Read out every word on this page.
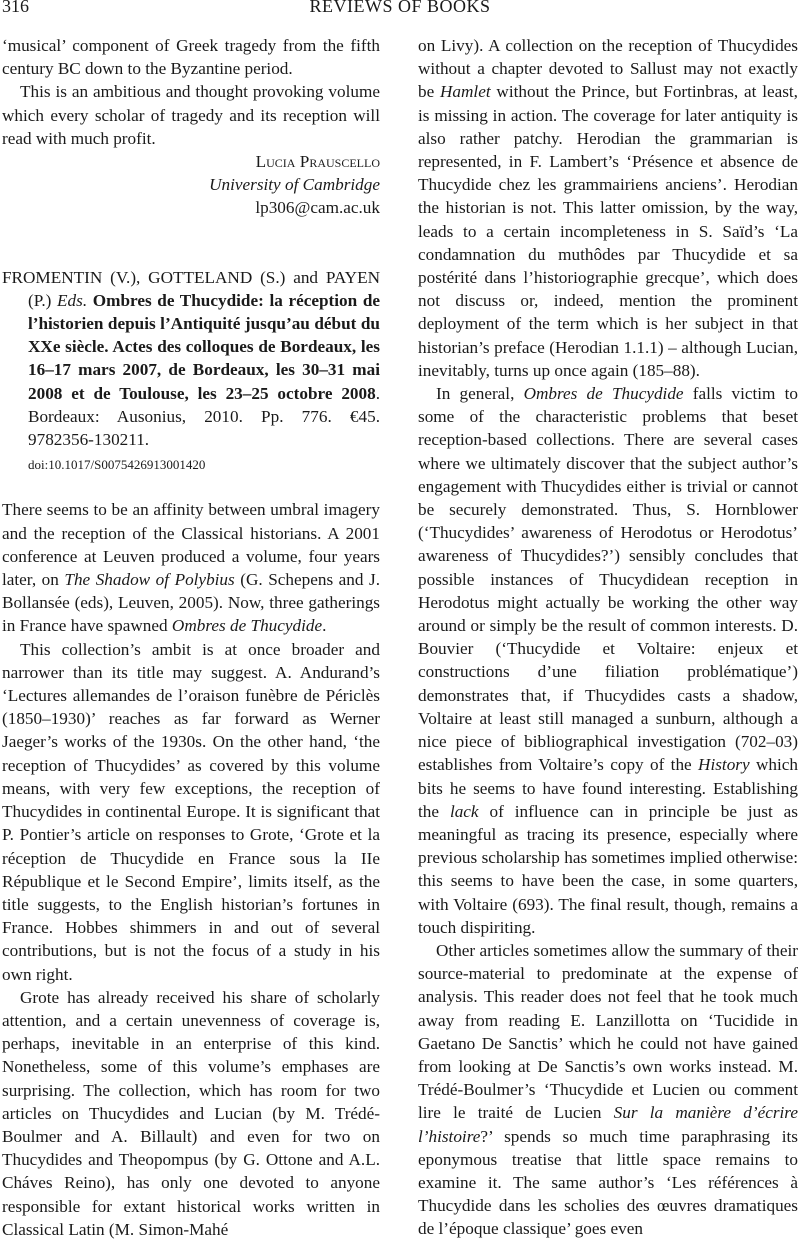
316	REVIEWS OF BOOKS

‘musical’ component of Greek tragedy from the fifth century BC down to the Byzantine period.

This is an ambitious and thought provoking volume which every scholar of tragedy and its reception will read with much profit.

Lucia Prauscello

University of Cambridge

lp306@cam.ac.uk

FROMENTIN (V.), GOTTELAND (S.) and PAYEN (P.) Eds. Ombres de Thucydide: la réception de l’historien depuis l’Antiquité jusqu’au début du XXe siècle. Actes des colloques de Bordeaux, les 16–17 mars 2007, de Bordeaux, les 30–31 mai 2008 et de Toulouse, les 23–25 octobre 2008. Bordeaux: Ausonius, 2010. Pp. 776. €45. 9782356-130211.

doi:10.1017/S0075426913001420

There seems to be an affinity between umbral imagery and the reception of the Classical historians. A 2001 conference at Leuven produced a volume, four years later, on The Shadow of Polybius (G. Schepens and J. Bollansée (eds), Leuven, 2005). Now, three gatherings in France have spawned Ombres de Thucydide.

This collection’s ambit is at once broader and narrower than its title may suggest. A. Andurand’s ‘Lectures allemandes de l’oraison funèbre de Périclès (1850–1930)’ reaches as far forward as Werner Jaeger’s works of the 1930s. On the other hand, ‘the reception of Thucydides’ as covered by this volume means, with very few exceptions, the reception of Thucydides in continental Europe. It is significant that P. Pontier’s article on responses to Grote, ‘Grote et la réception de Thucydide en France sous la IIe République et le Second Empire’, limits itself, as the title suggests, to the English historian’s fortunes in France. Hobbes shimmers in and out of several contributions, but is not the focus of a study in his own right.

Grote has already received his share of scholarly attention, and a certain unevenness of coverage is, perhaps, inevitable in an enterprise of this kind. Nonetheless, some of this volume’s emphases are surprising. The collection, which has room for two articles on Thucydides and Lucian (by M. Trédé-Boulmer and A. Billault) and even for two on Thucydides and Theopompus (by G. Ottone and A.L. Cháves Reino), has only one devoted to anyone responsible for extant historical works written in Classical Latin (M. Simon-Mahé

on Livy). A collection on the reception of Thucydides without a chapter devoted to Sallust may not exactly be Hamlet without the Prince, but Fortinbras, at least, is missing in action. The coverage for later antiquity is also rather patchy. Herodian the grammarian is represented, in F. Lambert’s ‘Présence et absence de Thucydide chez les grammairiens anciens’. Herodian the historian is not. This latter omission, by the way, leads to a certain incompleteness in S. Saïd’s ‘La condamnation du muthôdes par Thucydide et sa postérité dans l’historiographie grecque’, which does not discuss or, indeed, mention the prominent deployment of the term which is her subject in that historian’s preface (Herodian 1.1.1) – although Lucian, inevitably, turns up once again (185–88).

In general, Ombres de Thucydide falls victim to some of the characteristic problems that beset reception-based collections. There are several cases where we ultimately discover that the subject author’s engagement with Thucydides either is trivial or cannot be securely demonstrated. Thus, S. Hornblower (‘Thucydides’ awareness of Herodotus or Herodotus’ awareness of Thucydides?’) sensibly concludes that possible instances of Thucydidean reception in Herodotus might actually be working the other way around or simply be the result of common interests. D. Bouvier (‘Thucydide et Voltaire: enjeux et constructions d’une filiation problématique’) demonstrates that, if Thucydides casts a shadow, Voltaire at least still managed a sunburn, although a nice piece of bibliographical investigation (702–03) establishes from Voltaire’s copy of the History which bits he seems to have found interesting. Establishing the lack of influence can in principle be just as meaningful as tracing its presence, especially where previous scholarship has sometimes implied otherwise: this seems to have been the case, in some quarters, with Voltaire (693). The final result, though, remains a touch dispiriting.

Other articles sometimes allow the summary of their source-material to predominate at the expense of analysis. This reader does not feel that he took much away from reading E. Lanzillotta on ‘Tucidide in Gaetano De Sanctis’ which he could not have gained from looking at De Sanctis’s own works instead. M. Trédé-Boulmer’s ‘Thucydide et Lucien ou comment lire le traité de Lucien Sur la manière d’écrire l’histoire?’ spends so much time paraphrasing its eponymous treatise that little space remains to examine it. The same author’s ‘Les références à Thucydide dans les scholies des œuvres dramatiques de l’époque classique’ goes even
